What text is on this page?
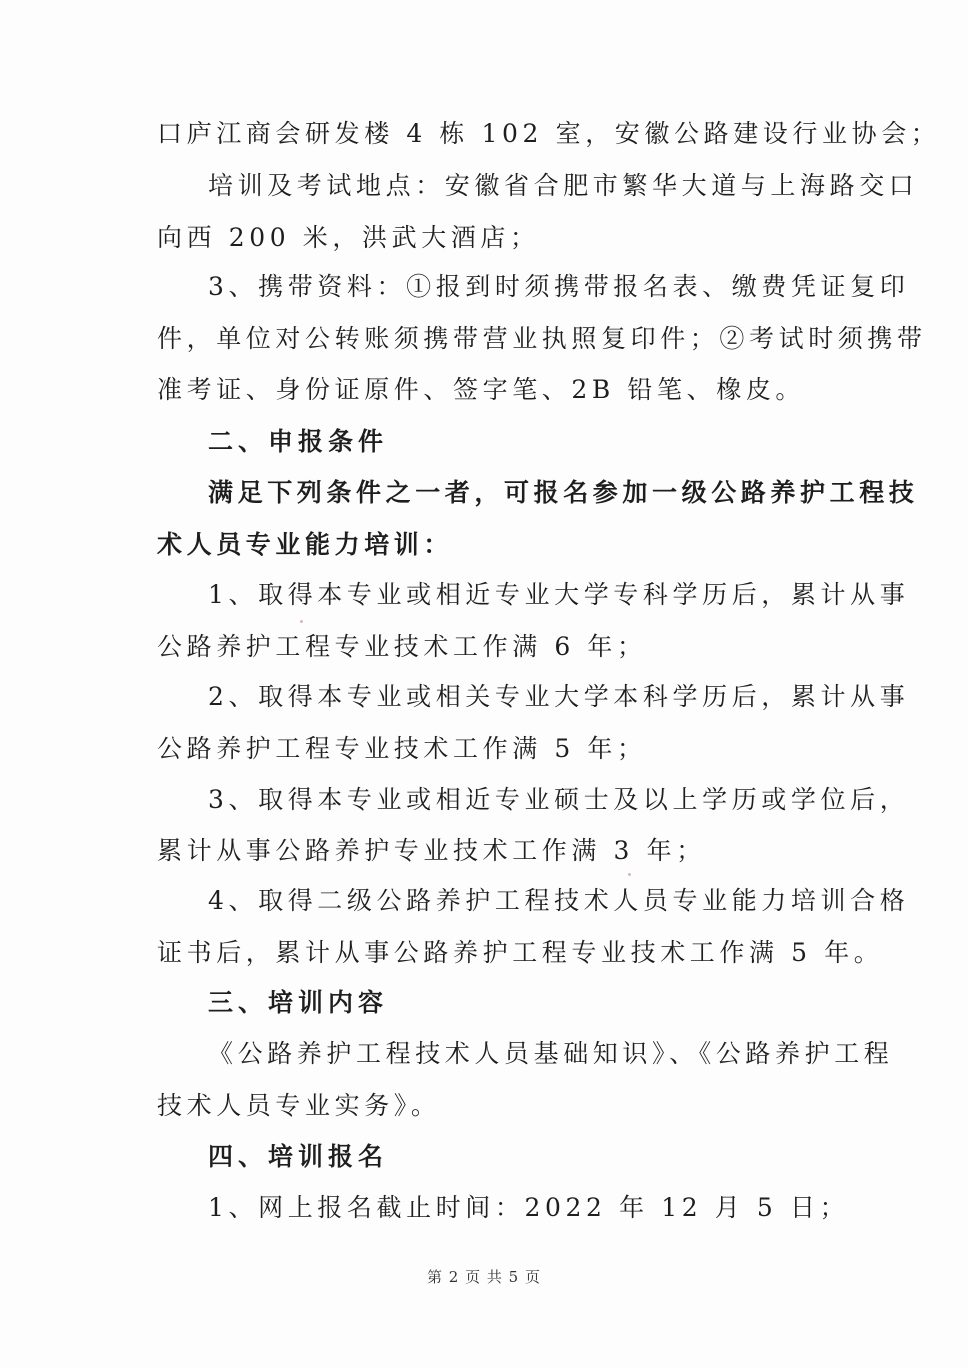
口庐江商会研发楼 4 栋 102 室，安徽公路建设行业协会；
培训及考试地点：安徽省合肥市繁华大道与上海路交口
向西 200 米，洪武大酒店；
3、携带资料：①报到时须携带报名表、缴费凭证复印
件，单位对公转账须携带营业执照复印件；②考试时须携带
准考证、身份证原件、签字笔、2B 铅笔、橡皮。
二、申报条件
满足下列条件之一者，可报名参加一级公路养护工程技
术人员专业能力培训：
1、取得本专业或相近专业大学专科学历后，累计从事
公路养护工程专业技术工作满 6 年；
2、取得本专业或相关专业大学本科学历后，累计从事
公路养护工程专业技术工作满 5 年；
3、取得本专业或相近专业硕士及以上学历或学位后，
累计从事公路养护专业技术工作满 3 年；
4、取得二级公路养护工程技术人员专业能力培训合格
证书后，累计从事公路养护工程专业技术工作满 5 年。
三、培训内容
《公路养护工程技术人员基础知识》、《公路养护工程
技术人员专业实务》。
四、培训报名
1、网上报名截止时间：2022 年 12 月 5 日；
第 2 页 共 5 页
